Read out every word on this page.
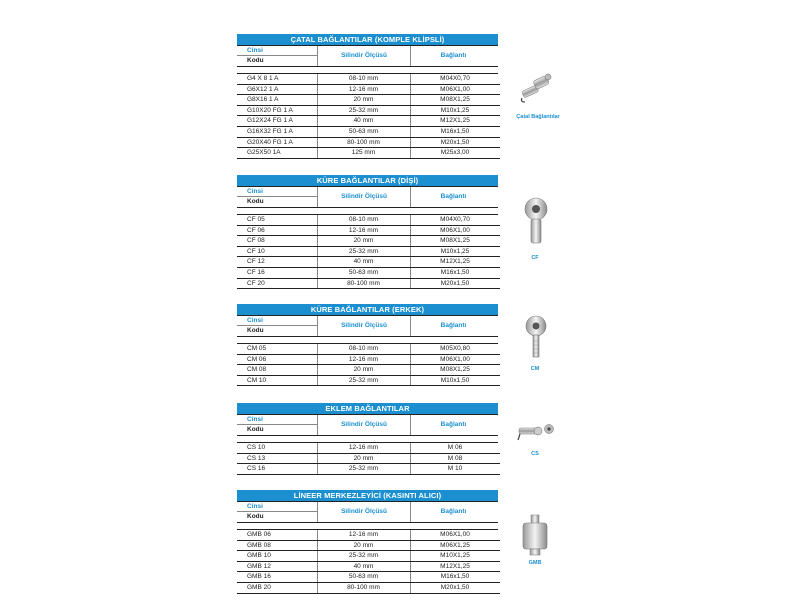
ÇATAL BAĞLANTILAR (KOMPLE KLİPSLİ)
Cinsi
Kodu
Silindir Ölçüsü	Bağlantı
G4 X 8 1 A	08-10 mm	M04X0,70
G6X12 1 A	12-16 mm	M06X1,00
G8X16 1 A	20 mm	M08X1,25
G10X20 FG 1 A	25-32 mm	M10x1,25
G12X24 FG 1 A	40 mm	M12X1,25
G16X32 FG 1 A	50-63 mm	M16x1,50
G20X40 FG 1 A	80-100 mm	M20x1,50
G25X50 1A	125 mm	M25x3,00
KÜRE BAĞLANTILAR (DİŞİ)
Cinsi
Kodu
Silindir Ölçüsü	Bağlantı
CF 05	08-10 mm	M04X0,70
CF 06	12-16 mm	M06X1,00
CF 08	20 mm	M08X1,25
CF 10	25-32 mm	M10x1,25
CF 12	40 mm	M12X1,25
CF 16	50-63 mm	M16x1,50
CF 20	80-100 mm	M20x1,50
KÜRE BAĞLANTILAR (ERKEK)
Cinsi
Kodu
Silindir Ölçüsü	Bağlantı
CM 05	08-10 mm	M05X0,80
CM 06	12-16 mm	M06X1,00
CM 08	20 mm	M08X1,25
CM 10	25-32 mm	M10x1,50
EKLEM BAĞLANTILAR
Cinsi
Kodu
Silindir Ölçüsü	Bağlantı
CS 10	12-16 mm	M 06
CS 13	20 mm	M 08
CS 16	25-32 mm	M 10
LİNEER MERKEZLEYİCİ (KASINTI ALICI)
Cinsi
Kodu
Silindir Ölçüsü	Bağlantı
GMB 06	12-16 mm	M06X1,00
GMB 08	20 mm	M06X1,25
GMB 10	25-32 mm	M10X1,25
GMB 12	40 mm	M12X1,25
GMB 16	50-63 mm	M16x1,50
GMB 20	80-100 mm	M20x1,50
Çatal Bağlantılar
CF
CM
CS
GMB
